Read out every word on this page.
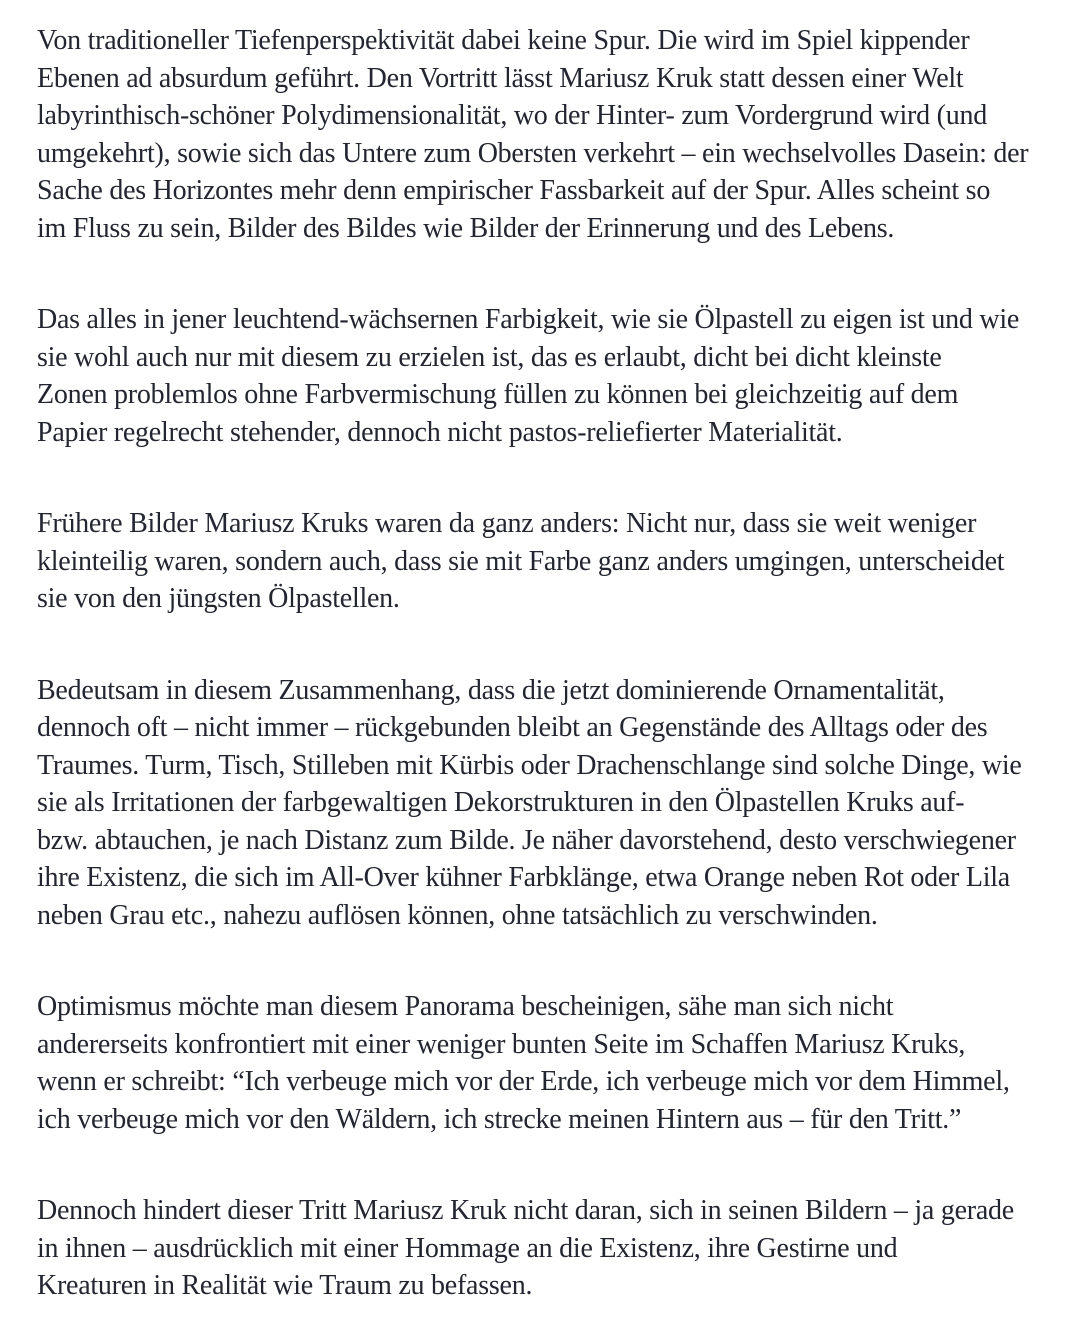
Von traditioneller Tiefenperspektivität dabei keine Spur. Die wird im Spiel kippender
Ebenen ad absurdum geführt. Den Vortritt lässt Mariusz Kruk statt dessen einer Welt
labyrinthisch-schöner Polydimensionalität, wo der Hinter- zum Vordergrund wird (und
umgekehrt), sowie sich das Untere zum Obersten verkehrt – ein wechselvolles Dasein: der
Sache des Horizontes mehr denn empirischer Fassbarkeit auf der Spur. Alles scheint so
im Fluss zu sein, Bilder des Bildes wie Bilder der Erinnerung und des Lebens.

Das alles in jener leuchtend-wächsernen Farbigkeit, wie sie Ölpastell zu eigen ist und wie
sie wohl auch nur mit diesem zu erzielen ist, das es erlaubt, dicht bei dicht kleinste
Zonen problemlos ohne Farbvermischung füllen zu können bei gleichzeitig auf dem
Papier regelrecht stehender, dennoch nicht pastos-reliefierter Materialität.

Frühere Bilder Mariusz Kruks waren da ganz anders: Nicht nur, dass sie weit weniger
kleinteilig waren, sondern auch, dass sie mit Farbe ganz anders umgingen, unterscheidet
sie von den jüngsten Ölpastellen.

Bedeutsam in diesem Zusammenhang, dass die jetzt dominierende Ornamentalität,
dennoch oft – nicht immer – rückgebunden bleibt an Gegenstände des Alltags oder des
Traumes. Turm, Tisch, Stilleben mit Kürbis oder Drachenschlange sind solche Dinge, wie
sie als Irritationen der farbgewaltigen Dekorstrukturen in den Ölpastellen Kruks auf-
bzw. abtauchen, je nach Distanz zum Bilde. Je näher davorstehend, desto verschwiegener
ihre Existenz, die sich im All-Over kühner Farbklänge, etwa Orange neben Rot oder Lila
neben Grau etc., nahezu auflösen können, ohne tatsächlich zu verschwinden.

Optimismus möchte man diesem Panorama bescheinigen, sähe man sich nicht
andererseits konfrontiert mit einer weniger bunten Seite im Schaffen Mariusz Kruks,
wenn er schreibt: “Ich verbeuge mich vor der Erde, ich verbeuge mich vor dem Himmel,
ich verbeuge mich vor den Wäldern, ich strecke meinen Hintern aus – für den Tritt.”

Dennoch hindert dieser Tritt Mariusz Kruk nicht daran, sich in seinen Bildern – ja gerade
in ihnen – ausdrücklich mit einer Hommage an die Existenz, ihre Gestirne und
Kreaturen in Realität wie Traum zu befassen.
